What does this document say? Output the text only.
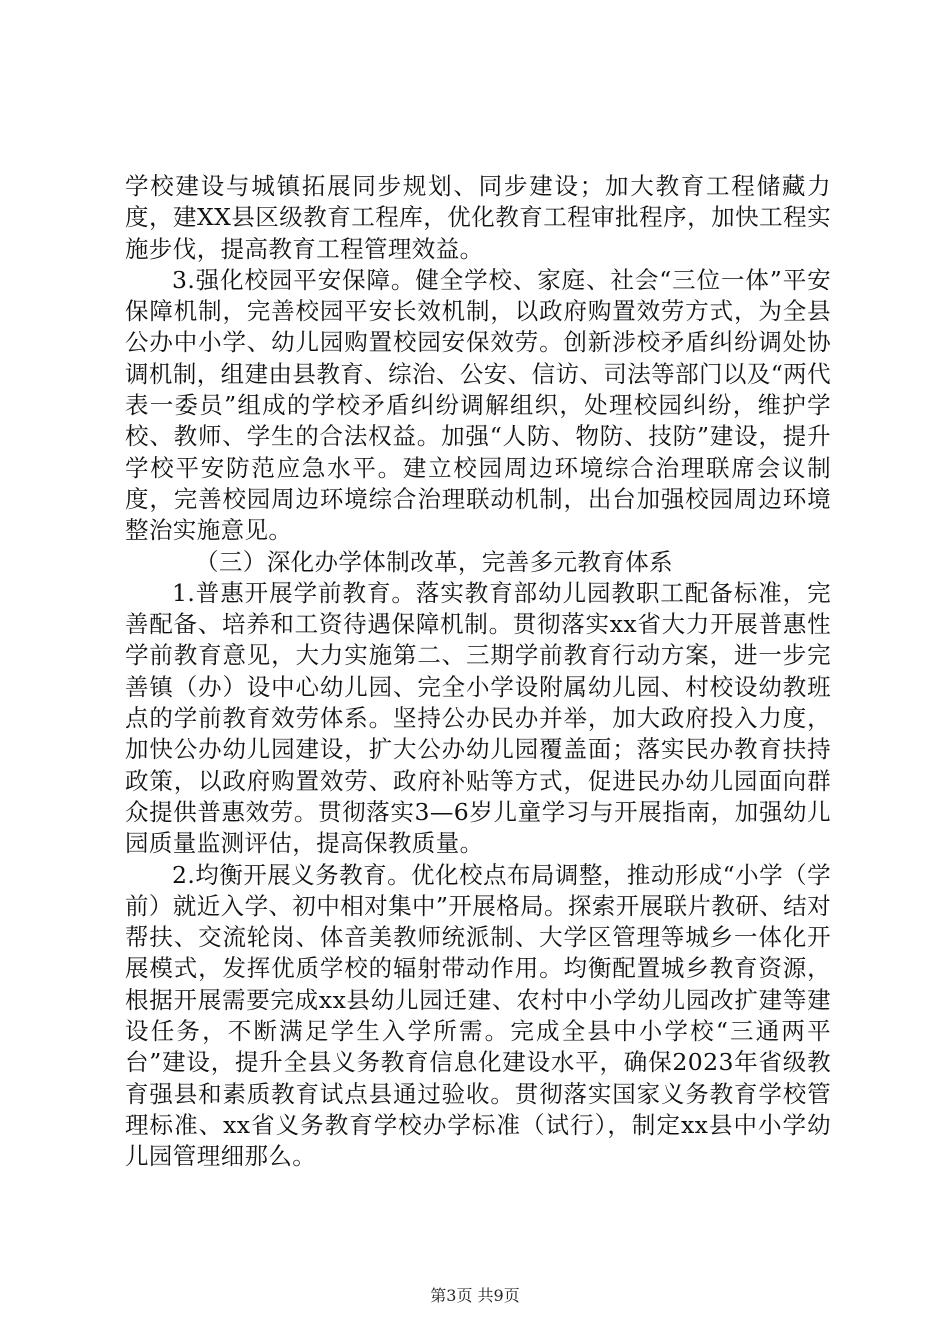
学校建设与城镇拓展同步规划、同步建设；加大教育工程储藏力度，建XX县区级教育工程库，优化教育工程审批程序，加快工程实施步伐，提高教育工程管理效益。

3.强化校园平安保障。健全学校、家庭、社会“三位一体”平安保障机制，完善校园平安长效机制，以政府购置效劳方式，为全县公办中小学、幼儿园购置校园安保效劳。创新涉校矛盾纠纷调处协调机制，组建由县教育、综治、公安、信访、司法等部门以及“两代表一委员”组成的学校矛盾纠纷调解组织，处理校园纠纷，维护学校、教师、学生的合法权益。加强“人防、物防、技防”建设，提升学校平安防范应急水平。建立校园周边环境综合治理联席会议制度，完善校园周边环境综合治理联动机制，出台加强校园周边环境整治实施意见。

（三）深化办学体制改革，完善多元教育体系

1.普惠开展学前教育。落实教育部幼儿园教职工配备标准，完善配备、培养和工资待遇保障机制。贯彻落实xx省大力开展普惠性学前教育意见，大力实施第二、三期学前教育行动方案，进一步完善镇（办）设中心幼儿园、完全小学设附属幼儿园、村校设幼教班点的学前教育效劳体系。坚持公办民办并举，加大政府投入力度，加快公办幼儿园建设，扩大公办幼儿园覆盖面；落实民办教育扶持政策，以政府购置效劳、政府补贴等方式，促进民办幼儿园面向群众提供普惠效劳。贯彻落实3—6岁儿童学习与开展指南，加强幼儿园质量监测评估，提高保教质量。

2.均衡开展义务教育。优化校点布局调整，推动形成“小学（学前）就近入学、初中相对集中”开展格局。探索开展联片教研、结对帮扶、交流轮岗、体音美教师统派制、大学区管理等城乡一体化开展模式，发挥优质学校的辐射带动作用。均衡配置城乡教育资源，根据开展需要完成xx县幼儿园迁建、农村中小学幼儿园改扩建等建设任务，不断满足学生入学所需。完成全县中小学校“三通两平台”建设，提升全县义务教育信息化建设水平，确保2023年省级教育强县和素质教育试点县通过验收。贯彻落实国家义务教育学校管理标准、xx省义务教育学校办学标准（试行），制定xx县中小学幼儿园管理细那么。

第3页 共9页
